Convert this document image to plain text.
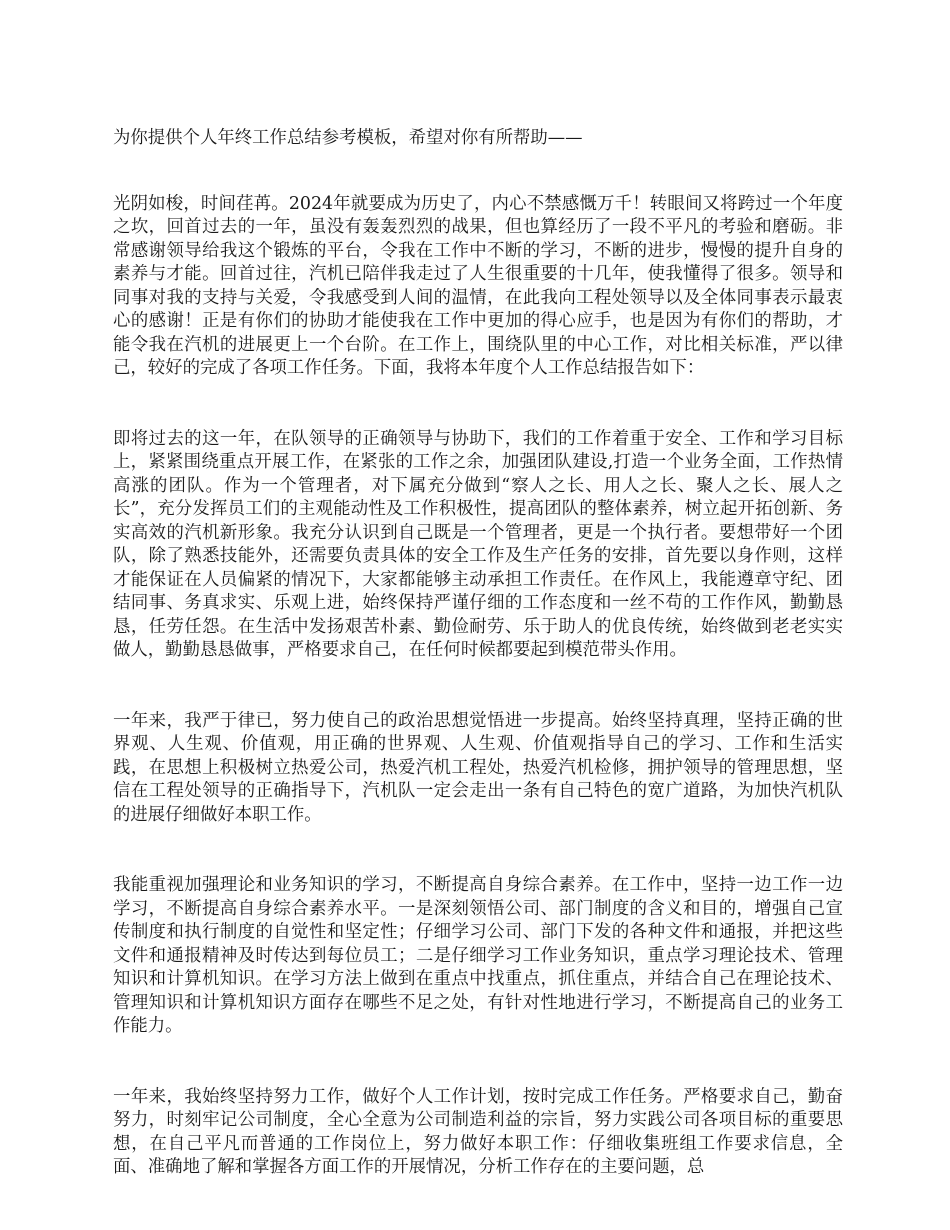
为你提供个人年终工作总结参考模板，希望对你有所帮助——

光阴如梭，时间荏苒。2024年就要成为历史了，内心不禁感慨万千！转眼间又将跨过一个年度之坎，回首过去的一年，虽没有轰轰烈烈的战果，但也算经历了一段不平凡的考验和磨砺。非常感谢领导给我这个锻炼的平台，令我在工作中不断的学习，不断的进步，慢慢的提升自身的素养与才能。回首过往，汽机已陪伴我走过了人生很重要的十几年，使我懂得了很多。领导和同事对我的支持与关爱，令我感受到人间的温情，在此我向工程处领导以及全体同事表示最衷心的感谢！正是有你们的协助才能使我在工作中更加的得心应手，也是因为有你们的帮助，才能令我在汽机的进展更上一个台阶。在工作上，围绕队里的中心工作，对比相关标准，严以律己，较好的完成了各项工作任务。下面，我将本年度个人工作总结报告如下：

即将过去的这一年，在队领导的正确领导与协助下，我们的工作着重于安全、工作和学习目标上，紧紧围绕重点开展工作，在紧张的工作之余，加强团队建设,打造一个业务全面，工作热情高涨的团队。作为一个管理者，对下属充分做到“察人之长、用人之长、聚人之长、展人之长”，充分发挥员工们的主观能动性及工作积极性，提高团队的整体素养，树立起开拓创新、务实高效的汽机新形象。我充分认识到自己既是一个管理者，更是一个执行者。要想带好一个团队，除了熟悉技能外，还需要负责具体的安全工作及生产任务的安排，首先要以身作则，这样才能保证在人员偏紧的情况下，大家都能够主动承担工作责任。在作风上，我能遵章守纪、团结同事、务真求实、乐观上进，始终保持严谨仔细的工作态度和一丝不苟的工作作风，勤勤恳恳，任劳任怨。在生活中发扬艰苦朴素、勤俭耐劳、乐于助人的优良传统，始终做到老老实实做人，勤勤恳恳做事，严格要求自己，在任何时候都要起到模范带头作用。

一年来，我严于律已，努力使自己的政治思想觉悟进一步提高。始终坚持真理，坚持正确的世界观、人生观、价值观，用正确的世界观、人生观、价值观指导自己的学习、工作和生活实践，在思想上积极树立热爱公司，热爱汽机工程处，热爱汽机检修，拥护领导的管理思想，坚信在工程处领导的正确指导下，汽机队一定会走出一条有自己特色的宽广道路，为加快汽机队的进展仔细做好本职工作。

我能重视加强理论和业务知识的学习，不断提高自身综合素养。在工作中，坚持一边工作一边学习，不断提高自身综合素养水平。一是深刻领悟公司、部门制度的含义和目的，增强自己宣传制度和执行制度的自觉性和坚定性；仔细学习公司、部门下发的各种文件和通报，并把这些文件和通报精神及时传达到每位员工；二是仔细学习工作业务知识，重点学习理论技术、管理知识和计算机知识。在学习方法上做到在重点中找重点，抓住重点，并结合自己在理论技术、管理知识和计算机知识方面存在哪些不足之处，有针对性地进行学习，不断提高自己的业务工作能力。

一年来，我始终坚持努力工作，做好个人工作计划，按时完成工作任务。严格要求自己，勤奋努力，时刻牢记公司制度，全心全意为公司制造利益的宗旨，努力实践公司各项目标的重要思想，在自己平凡而普通的工作岗位上，努力做好本职工作：仔细收集班组工作要求信息，全面、准确地了解和掌握各方面工作的开展情况，分析工作存在的主要问题，总
